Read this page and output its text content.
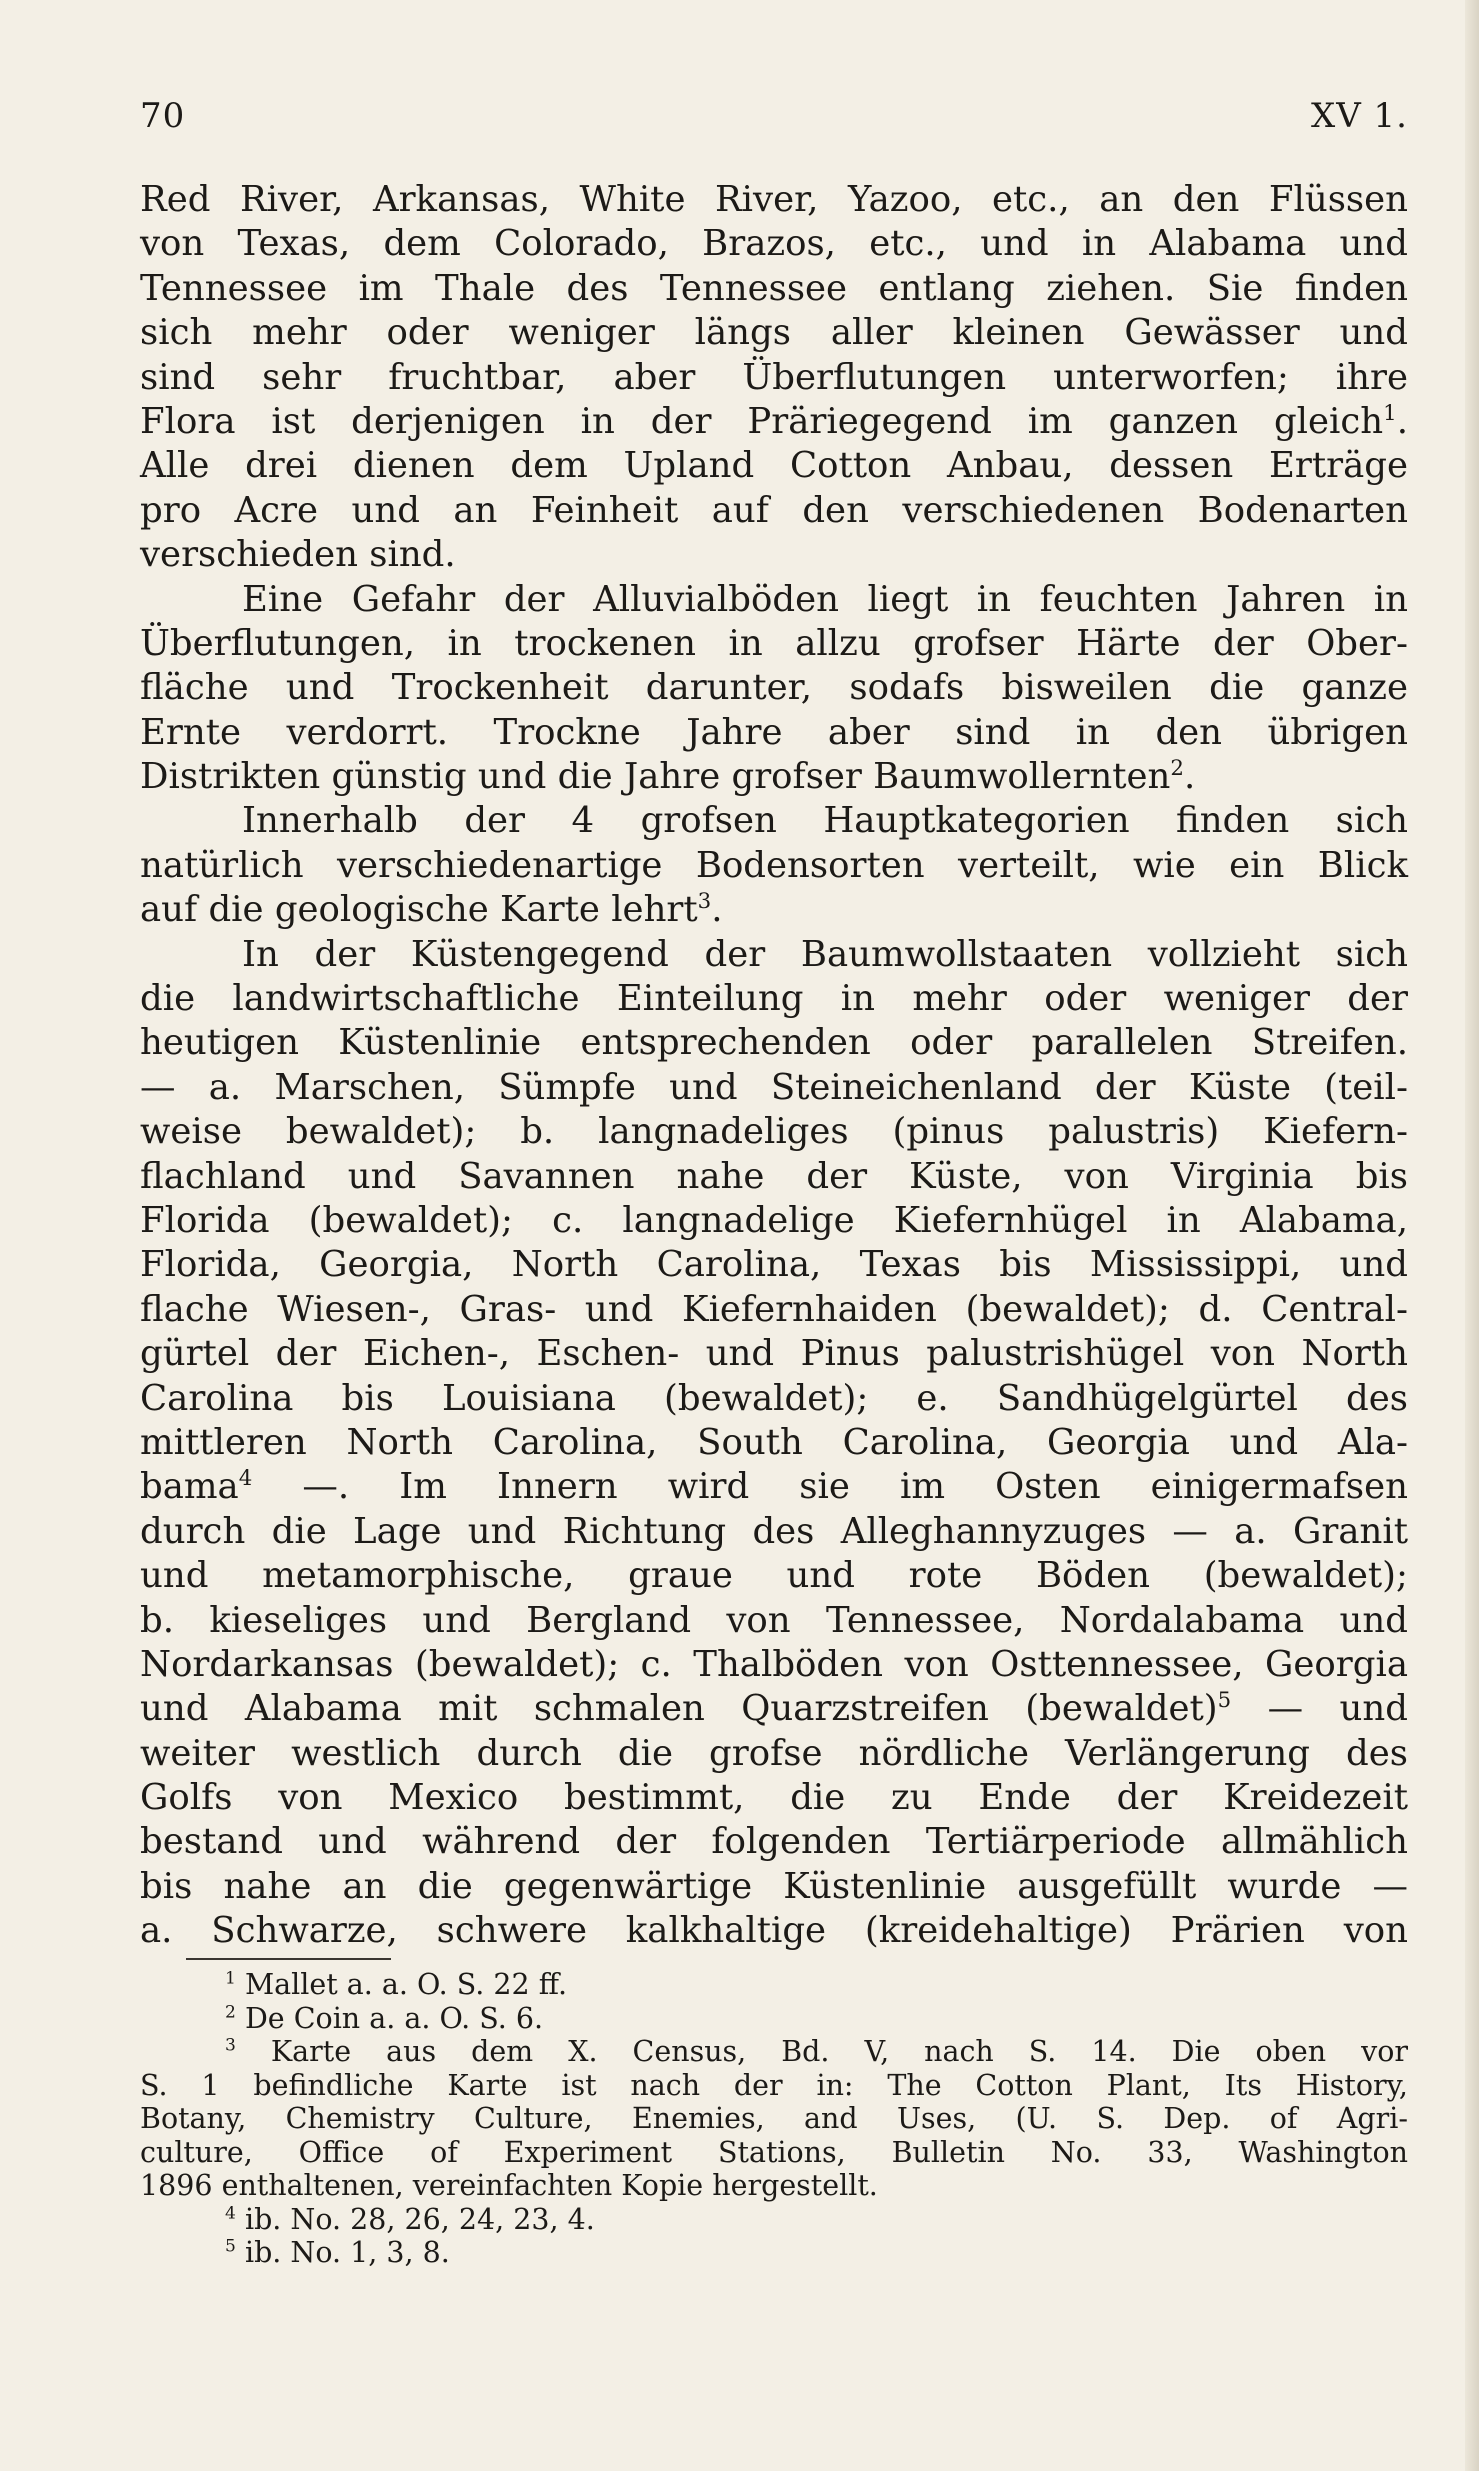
70	XV 1.
Red River, Arkansas, White River, Yazoo, etc., an den Flüssen
von Texas, dem Colorado, Brazos, etc., und in Alabama und
Tennessee im Thale des Tennessee entlang ziehen. Sie finden
sich mehr oder weniger längs aller kleinen Gewässer und
sind sehr fruchtbar, aber Überflutungen unterworfen; ihre
Flora ist derjenigen in der Präriegegend im ganzen gleich$^1$.
Alle drei dienen dem Upland Cotton Anbau, dessen Erträge
pro Acre und an Feinheit auf den verschiedenen Bodenarten
verschieden sind.
Eine Gefahr der Alluvialböden liegt in feuchten Jahren in
Überflutungen, in trockenen in allzu grofser Härte der Ober-
fläche und Trockenheit darunter, sodafs bisweilen die ganze
Ernte verdorrt. Trockne Jahre aber sind in den übrigen
Distrikten günstig und die Jahre grofser Baumwollernten$^2$.
Innerhalb der 4 grofsen Hauptkategorien finden sich
natürlich verschiedenartige Bodensorten verteilt, wie ein Blick
auf die geologische Karte lehrt$^3$.
In der Küstengegend der Baumwollstaaten vollzieht sich
die landwirtschaftliche Einteilung in mehr oder weniger der
heutigen Küstenlinie entsprechenden oder parallelen Streifen.
— a. Marschen, Sümpfe und Steineichenland der Küste (teil-
weise bewaldet); b. langnadeliges (pinus palustris) Kiefern-
flachland und Savannen nahe der Küste, von Virginia bis
Florida (bewaldet); c. langnadelige Kiefernhügel in Alabama,
Florida, Georgia, North Carolina, Texas bis Mississippi, und
flache Wiesen-, Gras- und Kiefernhaiden (bewaldet); d. Central-
gürtel der Eichen-, Eschen- und Pinus palustrishügel von North
Carolina bis Louisiana (bewaldet); e. Sandhügelgürtel des
mittleren North Carolina, South Carolina, Georgia und Ala-
bama$^4$ —. Im Innern wird sie im Osten einigermafsen
durch die Lage und Richtung des Alleghannyzuges — a. Granit
und metamorphische, graue und rote Böden (bewaldet);
b. kieseliges und Bergland von Tennessee, Nordalabama und
Nordarkansas (bewaldet); c. Thalböden von Osttennessee, Georgia
und Alabama mit schmalen Quarzstreifen (bewaldet)$^5$ — und
weiter westlich durch die grofse nördliche Verlängerung des
Golfs von Mexico bestimmt, die zu Ende der Kreidezeit
bestand und während der folgenden Tertiärperiode allmählich
bis nahe an die gegenwärtige Küstenlinie ausgefüllt wurde —
a. Schwarze, schwere kalkhaltige (kreidehaltige) Prärien von
$^1$ Mallet a. a. O. S. 22 ff.
$^2$ De Coin a. a. O. S. 6.
$^3$ Karte aus dem X. Census, Bd. V, nach S. 14. Die oben vor
S. 1 befindliche Karte ist nach der in: The Cotton Plant, Its History,
Botany, Chemistry Culture, Enemies, and Uses, (U. S. Dep. of Agri-
culture, Office of Experiment Stations, Bulletin No. 33, Washington
1896 enthaltenen, vereinfachten Kopie hergestellt.
$^4$ ib. No. 28, 26, 24, 23, 4.
$^5$ ib. No. 1, 3, 8.
